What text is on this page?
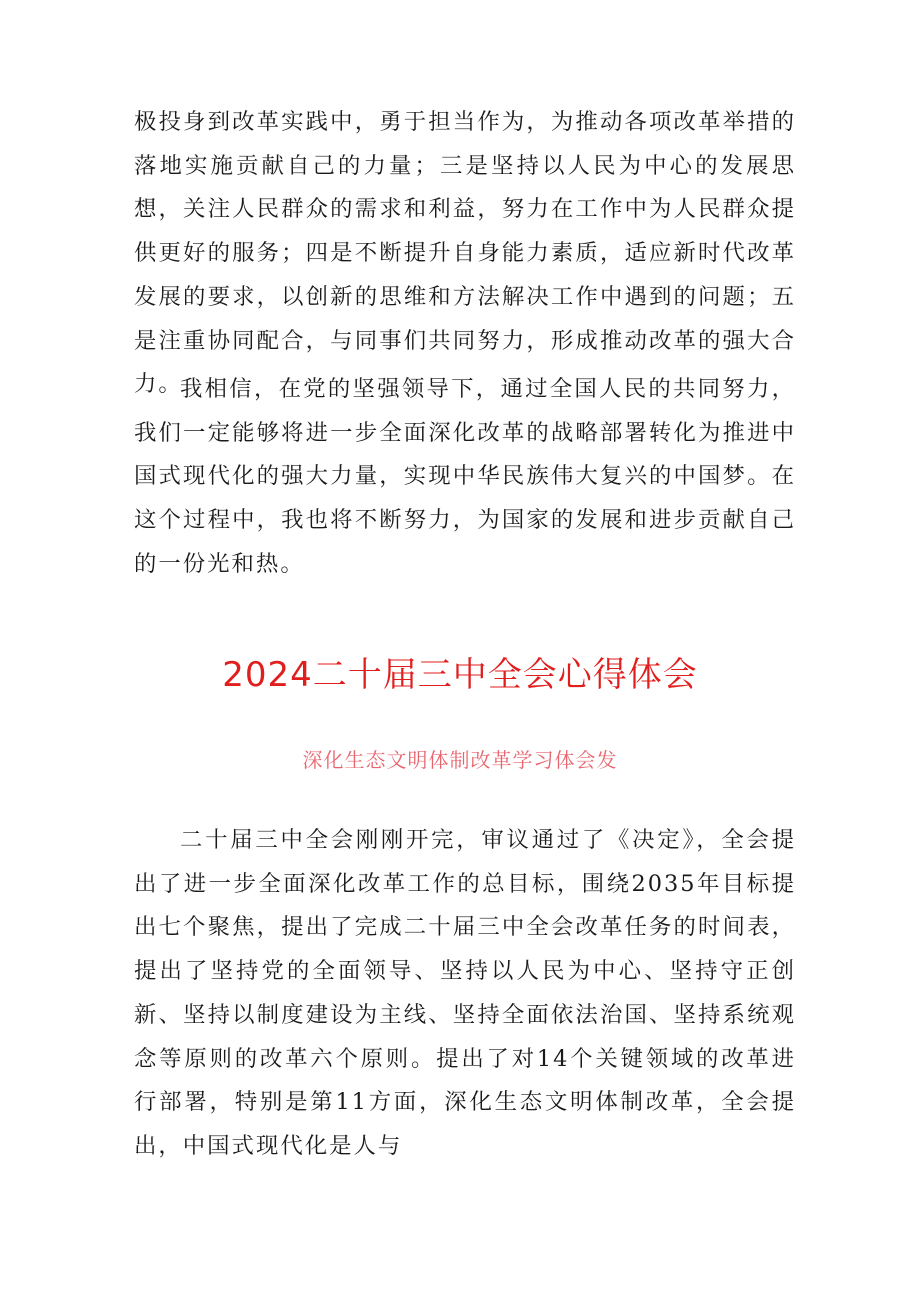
极投身到改革实践中，勇于担当作为，为推动各项改革举措的落地实施贡献自己的力量；三是坚持以人民为中心的发展思想，关注人民群众的需求和利益，努力在工作中为人民群众提供更好的服务；四是不断提升自身能力素质，适应新时代改革发展的要求，以创新的思维和方法解决工作中遇到的问题；五是注重协同配合，与同事们共同努力，形成推动改革的强大合力。

我相信，在党的坚强领导下，通过全国人民的共同努力，我们一定能够将进一步全面深化改革的战略部署转化为推进中国式现代化的强大力量，实现中华民族伟大复兴的中国梦。在这个过程中，我也将不断努力，为国家的发展和进步贡献自己的一份光和热。

2024二十届三中全会心得体会

深化生态文明体制改革学习体会发

二十届三中全会刚刚开完，审议通过了《决定》，全会提出了进一步全面深化改革工作的总目标，围绕2035年目标提出七个聚焦，提出了完成二十届三中全会改革任务的时间表，提出了坚持党的全面领导、坚持以人民为中心、坚持守正创新、坚持以制度建设为主线、坚持全面依法治国、坚持系统观念等原则的改革六个原则。提出了对14个关键领域的改革进行部署，特别是第11方面，深化生态文明体制改革，全会提出，中国式现代化是人与
